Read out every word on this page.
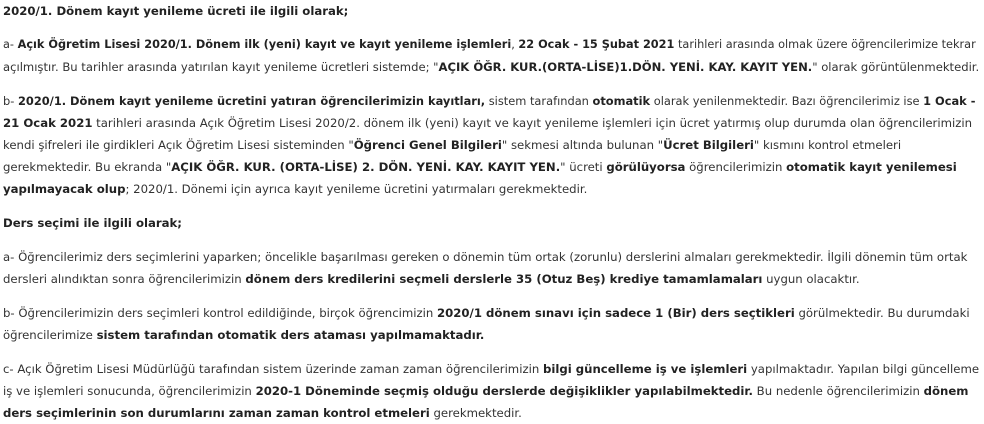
2020/1. Dönem kayıt yenileme ücreti ile ilgili olarak;
a- Açık Öğretim Lisesi 2020/1. Dönem ilk (yeni) kayıt ve kayıt yenileme işlemleri, 22 Ocak - 15 Şubat 2021 tarihleri arasında olmak üzere öğrencilerimize tekrar
açılmıştır. Bu tarihler arasında yatırılan kayıt yenileme ücretleri sistemde; "AÇIK ÖĞR. KUR.(ORTA-LİSE)1.DÖN. YENİ. KAY. KAYIT YEN." olarak görüntülenmektedir.
b- 2020/1. Dönem kayıt yenileme ücretini yatıran öğrencilerimizin kayıtları, sistem tarafından otomatik olarak yenilenmektedir. Bazı öğrencilerimiz ise 1 Ocak -
21 Ocak 2021 tarihleri arasında Açık Öğretim Lisesi 2020/2. dönem ilk (yeni) kayıt ve kayıt yenileme işlemleri için ücret yatırmış olup durumda olan öğrencilerimizin
kendi şifreleri ile girdikleri Açık Öğretim Lisesi sisteminden "Öğrenci Genel Bilgileri" sekmesi altında bulunan "Ücret Bilgileri" kısmını kontrol etmeleri
gerekmektedir. Bu ekranda "AÇIK ÖĞR. KUR. (ORTA-LİSE) 2. DÖN. YENİ. KAY. KAYIT YEN." ücreti görülüyorsa öğrencilerimizin otomatik kayıt yenilemesi
yapılmayacak olup; 2020/1. Dönemi için ayrıca kayıt yenileme ücretini yatırmaları gerekmektedir.
Ders seçimi ile ilgili olarak;
a- Öğrencilerimiz ders seçimlerini yaparken; öncelikle başarılması gereken o dönemin tüm ortak (zorunlu) derslerini almaları gerekmektedir. İlgili dönemin tüm ortak
dersleri alındıktan sonra öğrencilerimizin dönem ders kredilerini seçmeli derslerle 35 (Otuz Beş) krediye tamamlamaları uygun olacaktır.
b- Öğrencilerimizin ders seçimleri kontrol edildiğinde, birçok öğrencimizin 2020/1 dönem sınavı için sadece 1 (Bir) ders seçtikleri görülmektedir. Bu durumdaki
öğrencilerimize sistem tarafından otomatik ders ataması yapılmamaktadır.
c- Açık Öğretim Lisesi Müdürlüğü tarafından sistem üzerinde zaman zaman öğrencilerimizin bilgi güncelleme iş ve işlemleri yapılmaktadır. Yapılan bilgi güncelleme
iş ve işlemleri sonucunda, öğrencilerimizin 2020-1 Döneminde seçmiş olduğu derslerde değişiklikler yapılabilmektedir. Bu nedenle öğrencilerimizin dönem
ders seçimlerinin son durumlarını zaman zaman kontrol etmeleri gerekmektedir.
